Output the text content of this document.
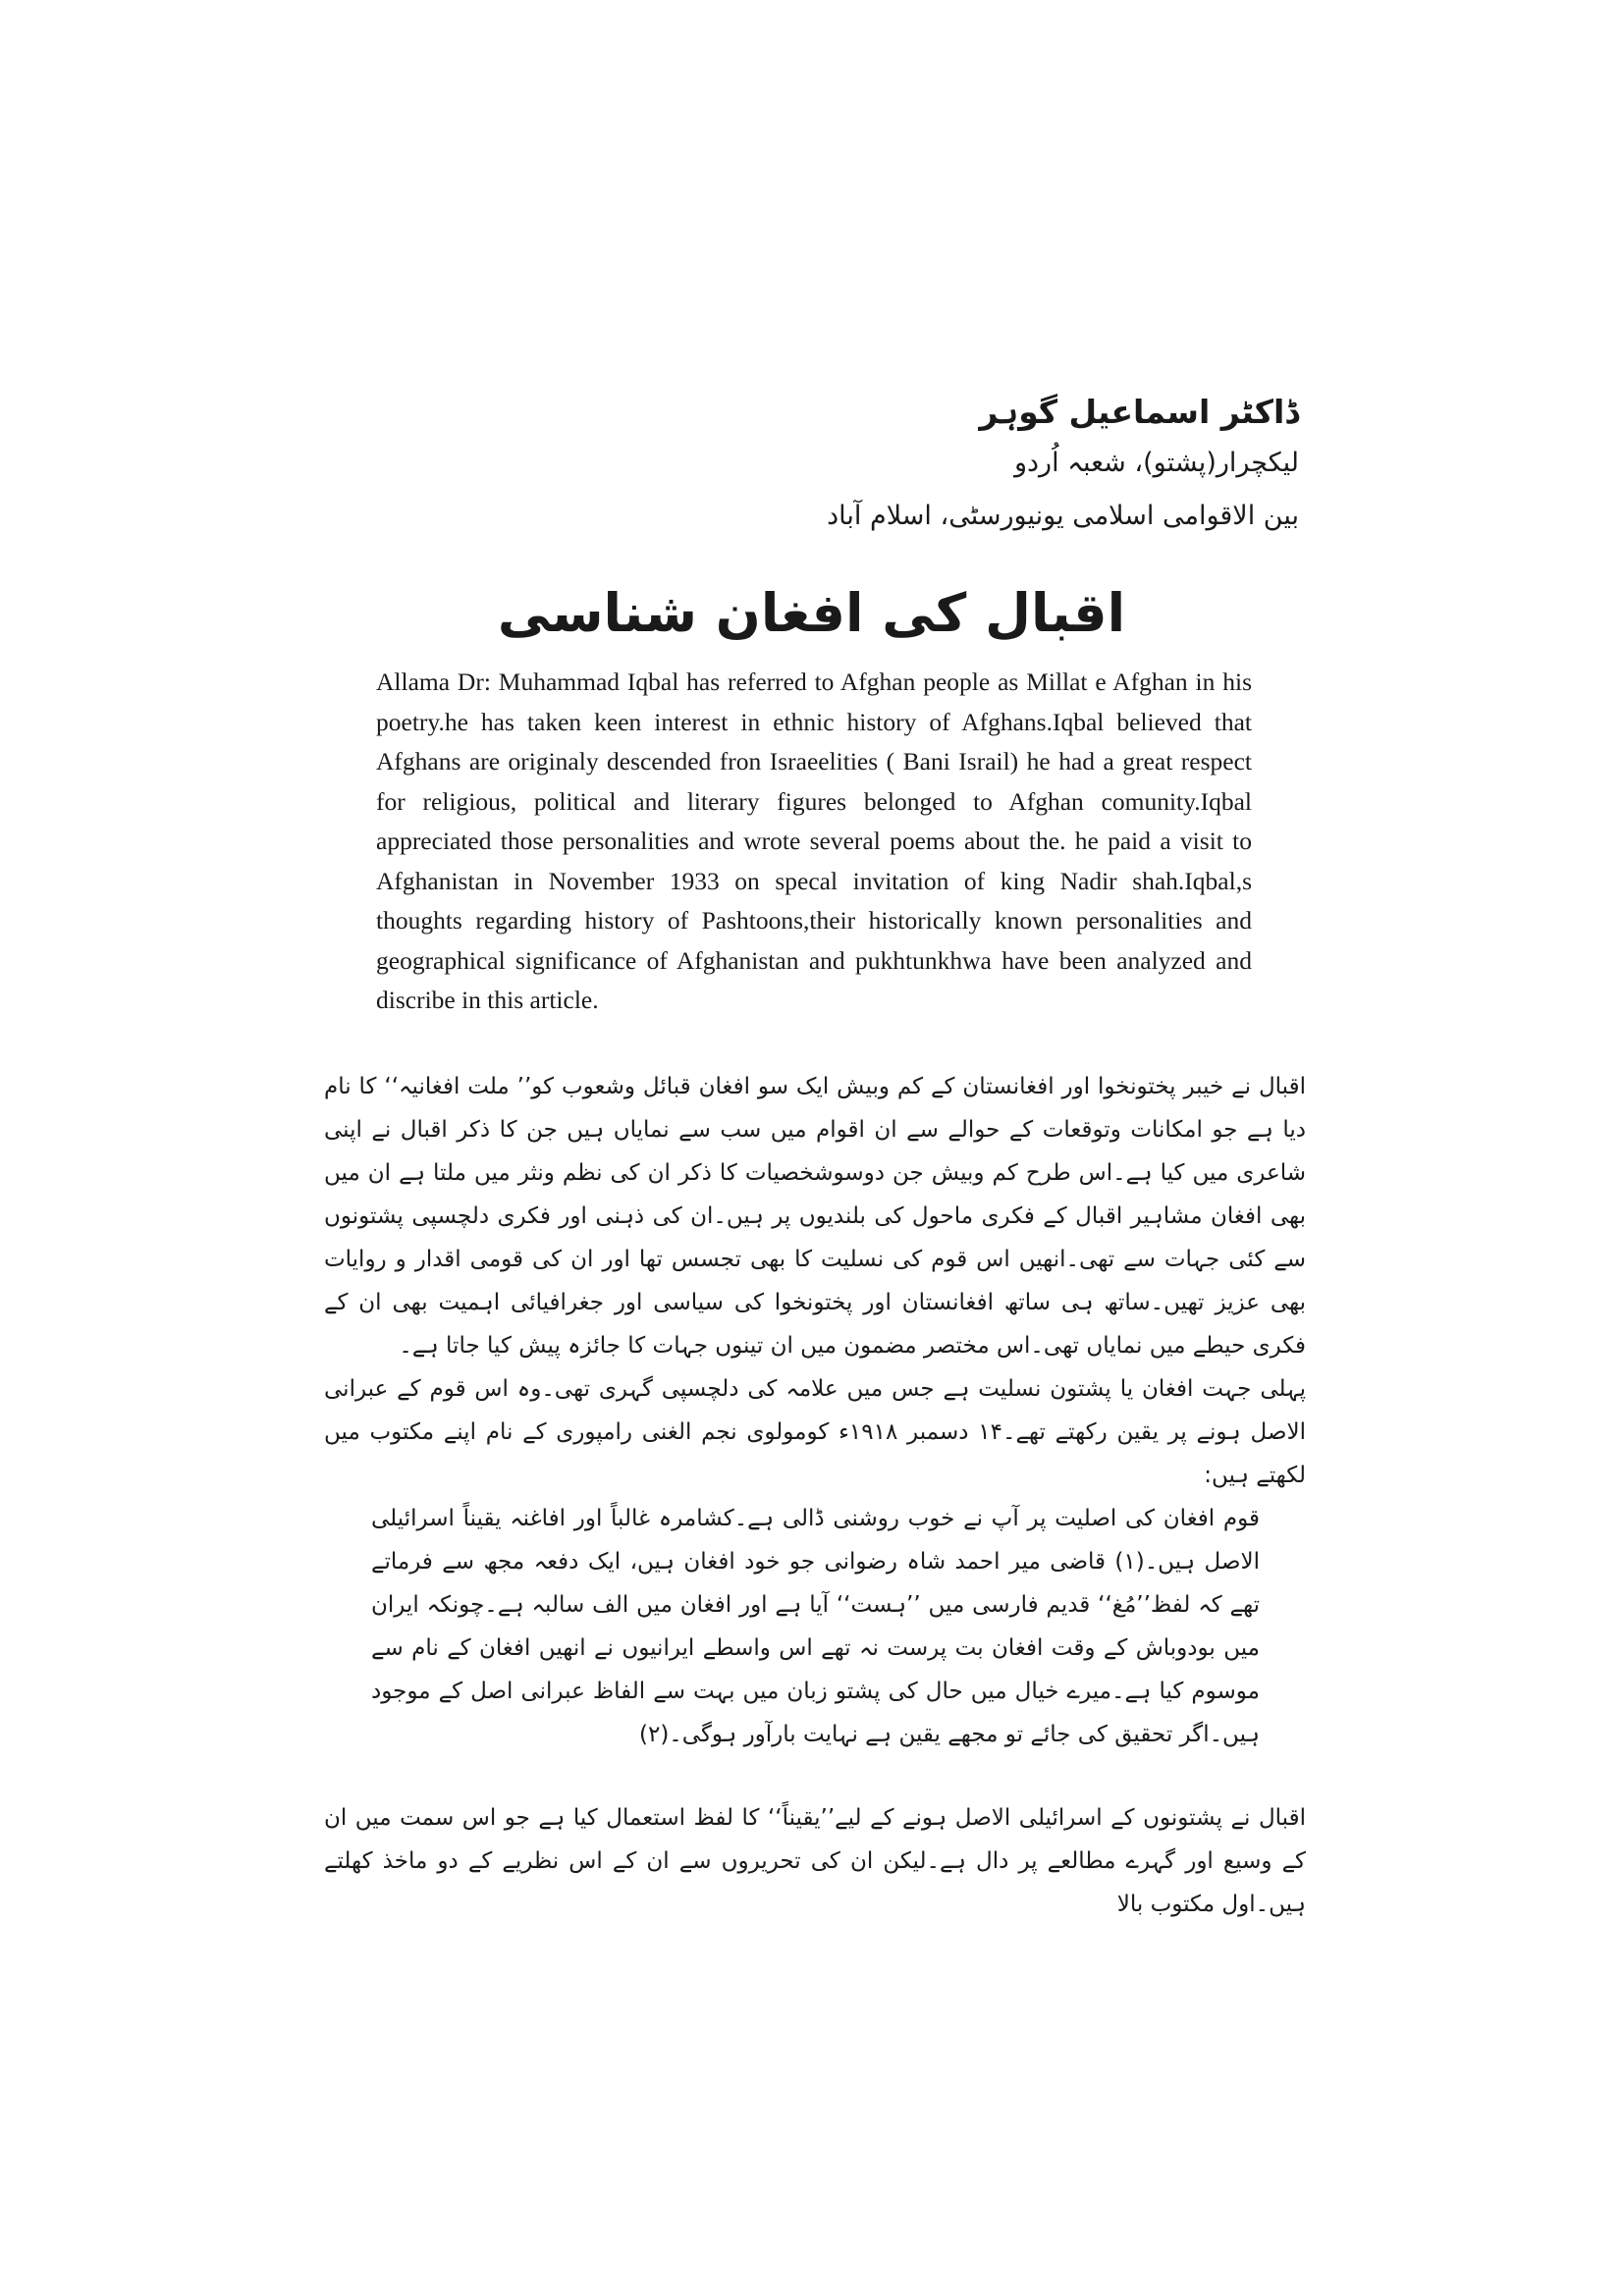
ڈاکٹر اسماعیل گوہر

لیکچرار(پشتو)، شعبہ اُردو

بین الاقوامی اسلامی یونیورسٹی، اسلام آباد

اقبال کی افغان شناسی

Allama Dr: Muhammad Iqbal has referred to Afghan people as Millat e Afghan in his poetry.he has taken keen interest in ethnic history of Afghans.Iqbal believed that Afghans are originaly descended fron Israeelities ( Bani Israil) he had a great respect for religious, political and literary figures belonged to Afghan comunity.Iqbal appreciated those personalities and wrote several poems about the. he paid a visit to Afghanistan in November 1933 on specal invitation of king Nadir shah.Iqbal,s thoughts regarding history of Pashtoons,their historically known personalities and geographical significance of Afghanistan and pukhtunkhwa have been analyzed and discribe in this article.

اقبال نے خیبر پختونخوا اور افغانستان کے کم وبیش ایک سو افغان قبائل وشعوب کو’’ ملت افغانیہ‘‘ کا نام دیا ہے جو امکانات وتوقعات کے حوالے سے ان اقوام میں سب سے نمایاں ہیں جن کا ذکر اقبال نے اپنی شاعری میں کیا ہے۔اس طرح کم وبیش جن دوسوشخصیات کا ذکر ان کی نظم ونثر میں ملتا ہے ان میں بھی افغان مشاہیر اقبال کے فکری ماحول کی بلندیوں پر ہیں۔ان کی ذہنی اور فکری دلچسپی پشتونوں سے کئی جہات سے تھی۔انھیں اس قوم کی نسلیت کا بھی تجسس تھا اور ان کی قومی اقدار و روایات بھی عزیز تھیں۔ساتھ ہی ساتھ افغانستان اور پختونخوا کی سیاسی اور جغرافیائی اہمیت بھی ان کے فکری حیطے میں نمایاں تھی۔اس مختصر مضمون میں ان تینوں جہات کا جائزہ پیش کیا جاتا ہے۔

پہلی جہت افغان یا پشتون نسلیت ہے جس میں علامہ کی دلچسپی گہری تھی۔وہ اس قوم کے عبرانی الاصل ہونے پر یقین رکھتے تھے۔۱۴ دسمبر ۱۹۱۸ء کومولوی نجم الغنی رامپوری کے نام اپنے مکتوب میں لکھتے ہیں:

قوم افغان کی اصلیت پر آپ نے خوب روشنی ڈالی ہے۔کشامرہ غالباً اور افاغنہ یقیناً اسرائیلی الاصل ہیں۔(۱) قاضی میر احمد شاہ رضوانی جو خود افغان ہیں، ایک دفعہ مجھ سے فرماتے تھے کہ لفظ’’مُغ‘‘ قدیم فارسی میں ’’ہست‘‘ آیا ہے اور افغان میں الف سالبہ ہے۔چونکہ ایران میں بودوباش کے وقت افغان بت پرست نہ تھے اس واسطے ایرانیوں نے انھیں افغان کے نام سے موسوم کیا ہے۔میرے خیال میں حال کی پشتو زبان میں بہت سے الفاظ عبرانی اصل کے موجود ہیں۔اگر تحقیق کی جائے تو مجھے یقین ہے نہایت بارآور ہوگی۔(۲)

اقبال نے پشتونوں کے اسرائیلی الاصل ہونے کے لیے’’یقیناً‘‘ کا لفظ استعمال کیا ہے جو اس سمت میں ان کے وسیع اور گہرے مطالعے پر دال ہے۔لیکن ان کی تحریروں سے ان کے اس نظریے کے دو ماخذ کھلتے ہیں۔اول مکتوب بالا
